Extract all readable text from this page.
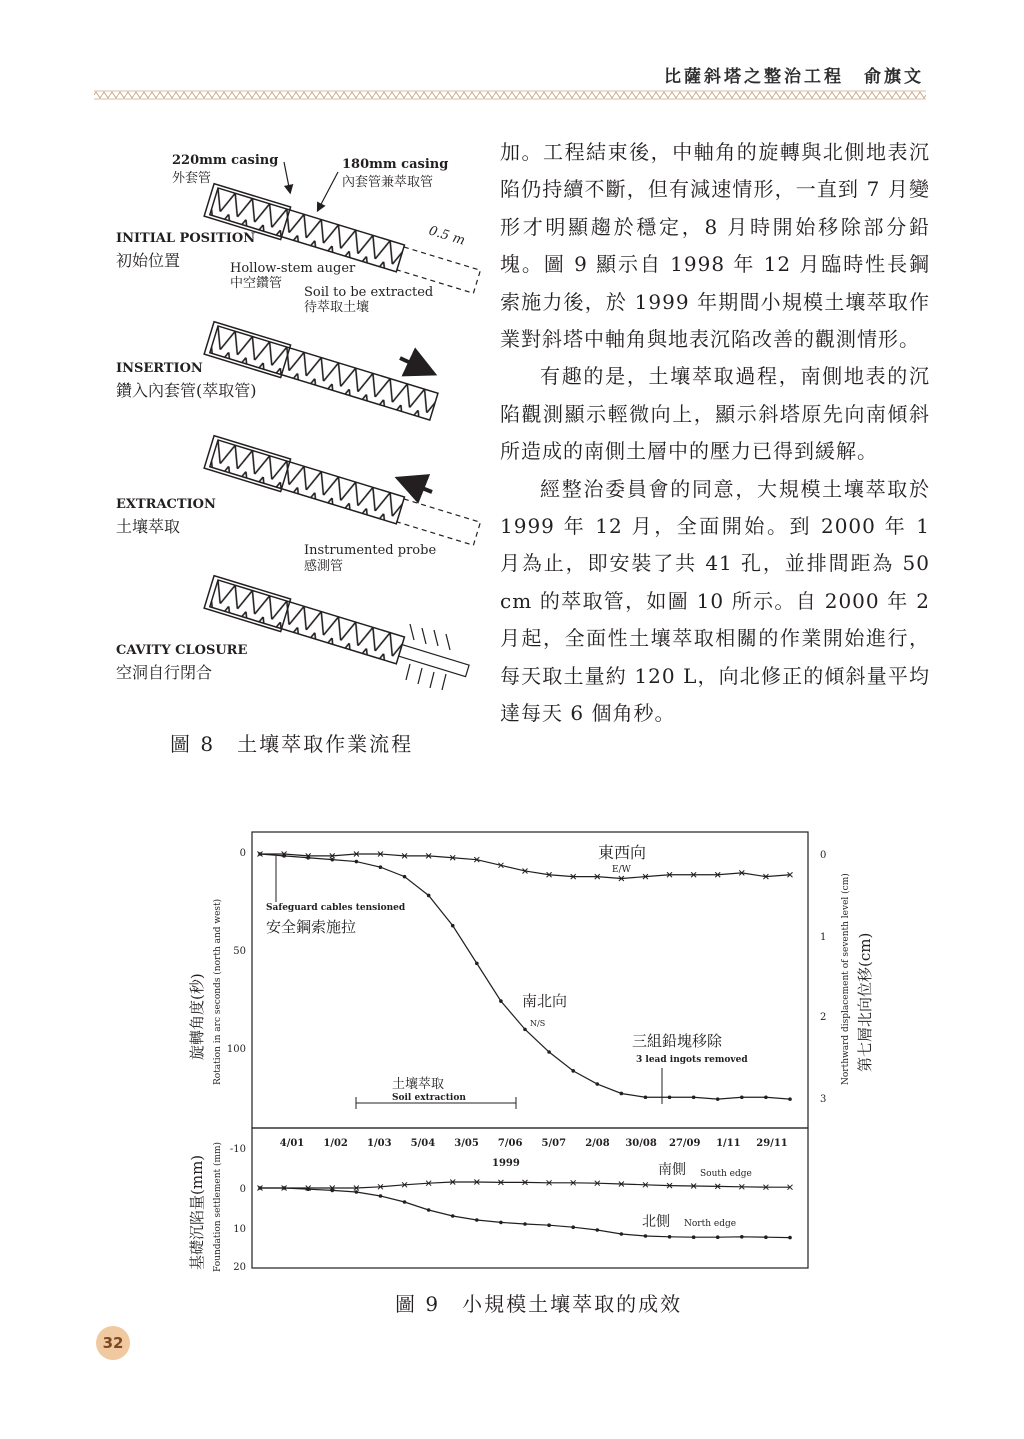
比薩斜塔之整治工程　俞旗文
220mm casing
外套管
180mm casing
內套管兼萃取管
0.5 m
INITIAL POSITION
初始位置	Hollow-stem auger
中空鑽管
Soil to be extracted
待萃取土壤
INSERTION
鑽入內套管(萃取管)
EXTRACTION
土壤萃取
Instrumented probe
感測管
CAVITY CLOSURE
空洞自行閉合
圖 8　土壤萃取作業流程

加。工程結束後，中軸角的旋轉與北側地表沉陷仍持續不斷，但有減速情形，一直到 7 月變形才明顯趨於穩定，8 月時開始移除部分鉛塊。圖 9 顯示自 1998 年 12 月臨時性長鋼索施力後，於 1999 年期間小規模土壤萃取作業對斜塔中軸角與地表沉陷改善的觀測情形。

有趣的是，土壤萃取過程，南側地表的沉陷觀測顯示輕微向上，顯示斜塔原先向南傾斜所造成的南側土層中的壓力已得到緩解。

經整治委員會的同意，大規模土壤萃取於 1999 年 12 月，全面開始。到 2000 年 1 月為止，即安裝了共 41 孔，並排間距為 50 cm 的萃取管，如圖 10 所示。自 2000 年 2 月起，全面性土壤萃取相關的作業開始進行，每天取土量約 120 L，向北修正的傾斜量平均達每天 6 個角秒。

0
50
100
0
1
2
3
-10
0
10
20
4/01 1/02 1/03 5/04 3/05 7/06 5/07 2/08 30/08 27/09 1/11 29/11
1999
旋轉角度(秒) Rotation in arc seconds (north and west)	Northward displacement of seventh level (cm) 第七層北向位移(cm)
基礎沉陷量(mm) Foundation settlement (mm)
東西向
E/W
Safeguard cables tensioned
安全鋼索施拉
南北向
N/S
三組鉛塊移除
3 lead ingots removed
土壤萃取
Soil extraction
南側 South edge
北側 North edge
圖 9　小規模土壤萃取的成效
32
